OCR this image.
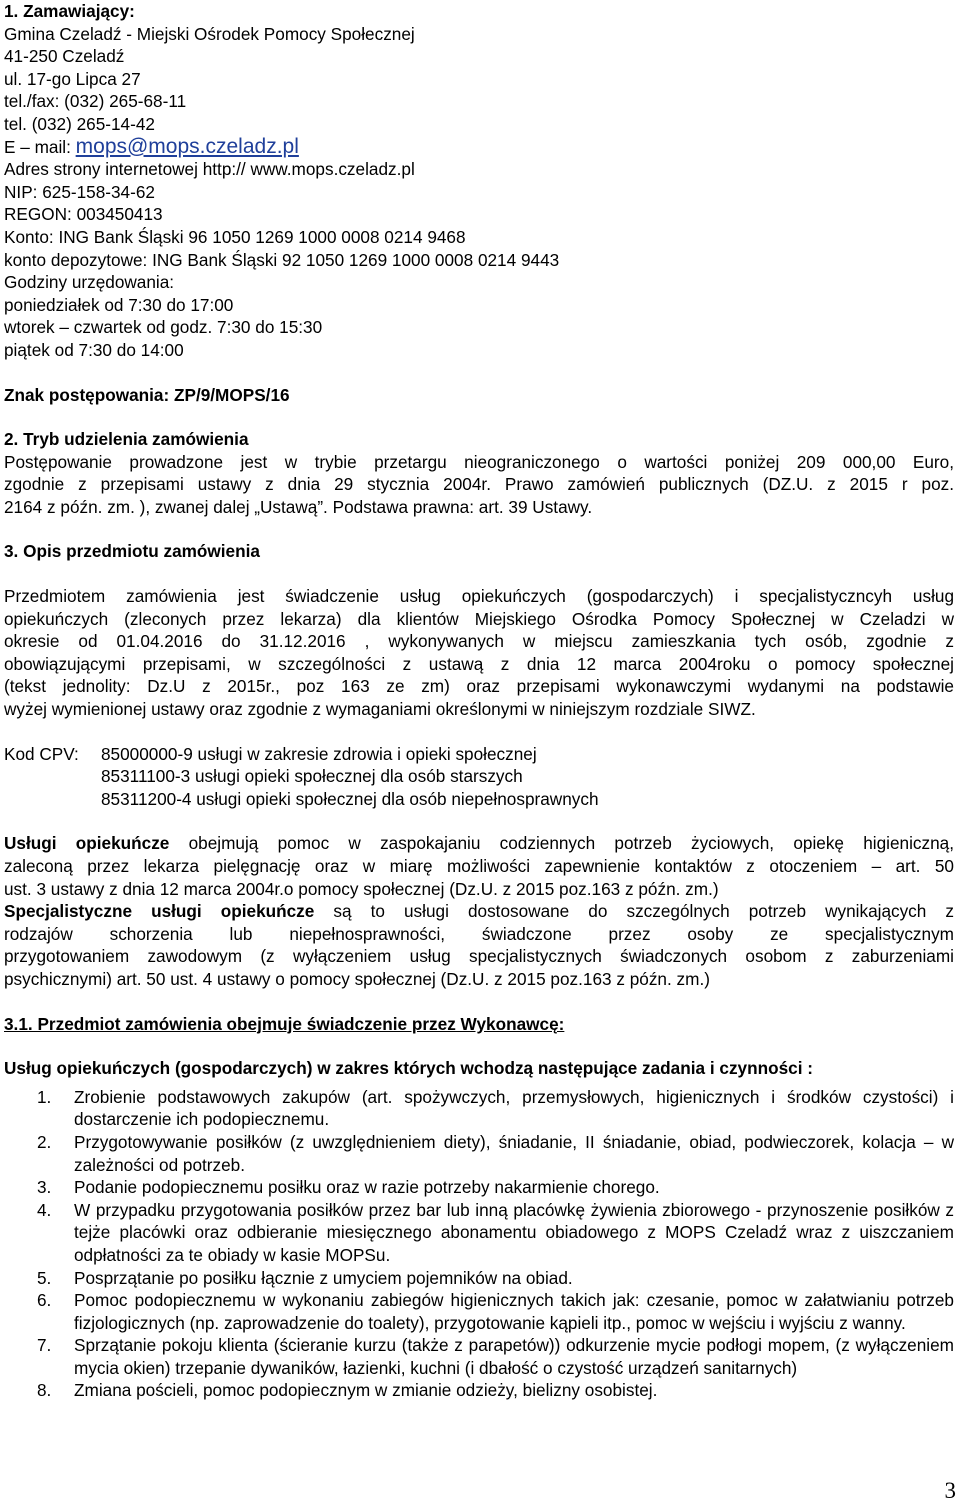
1. Zamawiający:
Gmina Czeladź - Miejski Ośrodek Pomocy Społecznej
41-250 Czeladź
ul. 17-go Lipca 27
tel./fax: (032) 265-68-11
tel. (032) 265-14-42
E – mail: mops@mops.czeladz.pl
Adres strony internetowej http:// www.mops.czeladz.pl
NIP: 625-158-34-62
REGON: 003450413
Konto: ING Bank Śląski 96 1050 1269 1000 0008 0214 9468
konto depozytowe: ING Bank Śląski 92 1050 1269 1000 0008 0214 9443
Godziny urzędowania:
poniedziałek od 7:30 do 17:00
wtorek – czwartek od godz. 7:30 do 15:30
piątek od 7:30 do 14:00
Znak postępowania: ZP/9/MOPS/16
2. Tryb udzielenia zamówienia
Postępowanie prowadzone jest w trybie przetargu nieograniczonego o wartości poniżej 209 000,00 Euro,
zgodnie z przepisami ustawy z dnia 29 stycznia 2004r. Prawo zamówień publicznych (DZ.U. z 2015 r poz.
2164 z późn. zm. ), zwanej dalej „Ustawą”. Podstawa prawna: art. 39 Ustawy.
3. Opis przedmiotu zamówienia
Przedmiotem zamówienia jest świadczenie usług opiekuńczych (gospodarczych) i specjalistyczncyh usług
opiekuńczych (zleconych przez lekarza) dla klientów Miejskiego Ośrodka Pomocy Społecznej w Czeladzi w
okresie od 01.04.2016 do 31.12.2016 , wykonywanych w miejscu zamieszkania tych osób, zgodnie z
obowiązującymi przepisami, w szczególności z ustawą z dnia 12 marca 2004roku o pomocy społecznej
(tekst jednolity: Dz.U z 2015r., poz 163 ze zm) oraz przepisami wykonawczymi wydanymi na podstawie
wyżej wymienionej ustawy oraz zgodnie z wymaganiami określonymi w niniejszym rozdziale SIWZ.
Kod CPV:	85000000-9 usługi w zakresie zdrowia i opieki społecznej
85311100-3 usługi opieki społecznej dla osób starszych
85311200-4 usługi opieki społecznej dla osób niepełnosprawnych
Usługi opiekuńcze obejmują pomoc w zaspokajaniu codziennych potrzeb życiowych, opiekę higieniczną,
zaleconą przez lekarza pielęgnację oraz w miarę możliwości zapewnienie kontaktów z otoczeniem – art. 50
ust. 3 ustawy z dnia 12 marca 2004r.o pomocy społecznej (Dz.U. z 2015 poz.163 z późn. zm.)
Specjalistyczne usługi opiekuńcze są to usługi dostosowane do szczególnych potrzeb wynikających z
rodzajów schorzenia lub niepełnosprawności, świadczone przez osoby ze specjalistycznym
przygotowaniem zawodowym (z wyłączeniem usług specjalistycznych świadczonych osobom z zaburzeniami
psychicznymi) art. 50 ust. 4 ustawy o pomocy społecznej (Dz.U. z 2015 poz.163 z późn. zm.)
3.1. Przedmiot zamówienia obejmuje świadczenie przez Wykonawcę:
Usług opiekuńczych (gospodarczych) w zakres których wchodzą następujące zadania i czynności :
1.	Zrobienie podstawowych zakupów (art. spożywczych, przemysłowych, higienicznych i środków czystości) i dostarczenie ich podopiecznemu.
2.	Przygotowywanie posiłków (z uwzględnieniem diety), śniadanie, II śniadanie, obiad, podwieczorek, kolacja – w zależności od potrzeb.
3.	Podanie podopiecznemu posiłku oraz w razie potrzeby nakarmienie chorego.
4.	W przypadku przygotowania posiłków przez bar lub inną placówkę żywienia zbiorowego - przynoszenie posiłków z tejże placówki oraz odbieranie miesięcznego abonamentu obiadowego z MOPS Czeladź wraz z uiszczaniem odpłatności za te obiady w kasie MOPSu.
5.	Posprzątanie po posiłku łącznie z umyciem pojemników na obiad.
6.	Pomoc podopiecznemu w wykonaniu zabiegów higienicznych takich jak: czesanie, pomoc w załatwianiu potrzeb fizjologicznych (np. zaprowadzenie do toalety), przygotowanie kąpieli itp., pomoc w wejściu i wyjściu z wanny.
7.	Sprzątanie pokoju klienta (ścieranie kurzu (także z parapetów)) odkurzenie mycie podłogi mopem, (z wyłączeniem mycia okien) trzepanie dywaników, łazienki, kuchni (i dbałość o czystość urządzeń sanitarnych)
8.	Zmiana pościeli, pomoc podopiecznym w zmianie odzieży, bielizny osobistej.
3
